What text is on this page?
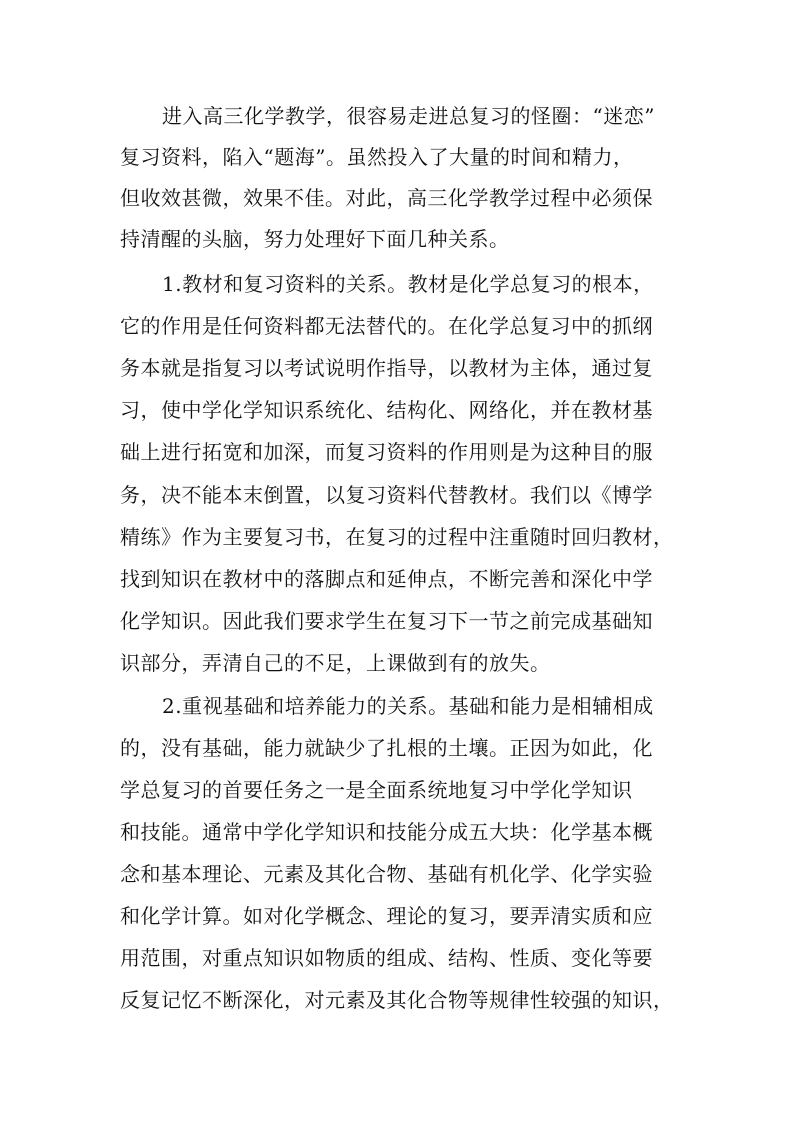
进入高三化学教学，很容易走进总复习的怪圈：“迷恋”
复习资料，陷入“题海”。虽然投入了大量的时间和精力，
但收效甚微，效果不佳。对此，高三化学教学过程中必须保
持清醒的头脑，努力处理好下面几种关系。
1.教材和复习资料的关系。教材是化学总复习的根本，
它的作用是任何资料都无法替代的。在化学总复习中的抓纲
务本就是指复习以考试说明作指导，以教材为主体，通过复
习，使中学化学知识系统化、结构化、网络化，并在教材基
础上进行拓宽和加深，而复习资料的作用则是为这种目的服
务，决不能本末倒置，以复习资料代替教材。我们以《博学
精练》作为主要复习书，在复习的过程中注重随时回归教材，
找到知识在教材中的落脚点和延伸点，不断完善和深化中学
化学知识。因此我们要求学生在复习下一节之前完成基础知
识部分，弄清自己的不足，上课做到有的放失。
2.重视基础和培养能力的关系。基础和能力是相辅相成
的，没有基础，能力就缺少了扎根的土壤。正因为如此，化
学总复习的首要任务之一是全面系统地复习中学化学知识
和技能。通常中学化学知识和技能分成五大块：化学基本概
念和基本理论、元素及其化合物、基础有机化学、化学实验
和化学计算。如对化学概念、理论的复习，要弄清实质和应
用范围，对重点知识如物质的组成、结构、性质、变化等要
反复记忆不断深化，对元素及其化合物等规律性较强的知识，
